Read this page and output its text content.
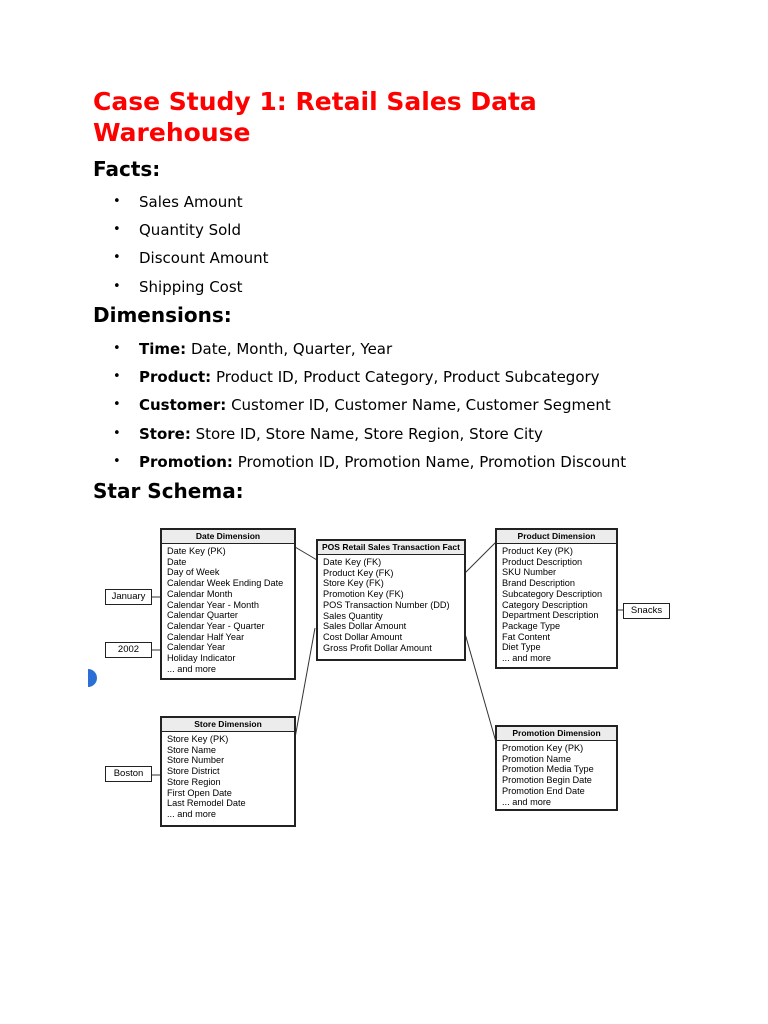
Case Study 1: Retail Sales Data Warehouse
Facts:
• Sales Amount
• Quantity Sold
• Discount Amount
• Shipping Cost
Dimensions:
• Time: Date, Month, Quarter, Year
• Product: Product ID, Product Category, Product Subcategory
• Customer: Customer ID, Customer Name, Customer Segment
• Store: Store ID, Store Name, Store Region, Store City
• Promotion: Promotion ID, Promotion Name, Promotion Discount
Star Schema:
Date Dimension
Date Key (PK)
Date
Day of Week
Calendar Week Ending Date
Calendar Month
Calendar Year - Month
Calendar Quarter
Calendar Year - Quarter
Calendar Half Year
Calendar Year
Holiday Indicator
... and more
POS Retail Sales Transaction Fact
Date Key (FK)
Product Key (FK)
Store Key (FK)
Promotion Key (FK)
POS Transaction Number (DD)
Sales Quantity
Sales Dollar Amount
Cost Dollar Amount
Gross Profit Dollar Amount
Product Dimension
Product Key (PK)
Product Description
SKU Number
Brand Description
Subcategory Description
Category Description
Department Description
Package Type
Fat Content
Diet Type
... and more
Store Dimension
Store Key (PK)
Store Name
Store Number
Store District
Store Region
First Open Date
Last Remodel Date
... and more
Promotion Dimension
Promotion Key (PK)
Promotion Name
Promotion Media Type
Promotion Begin Date
Promotion End Date
... and more
January
2002
Boston
Snacks
